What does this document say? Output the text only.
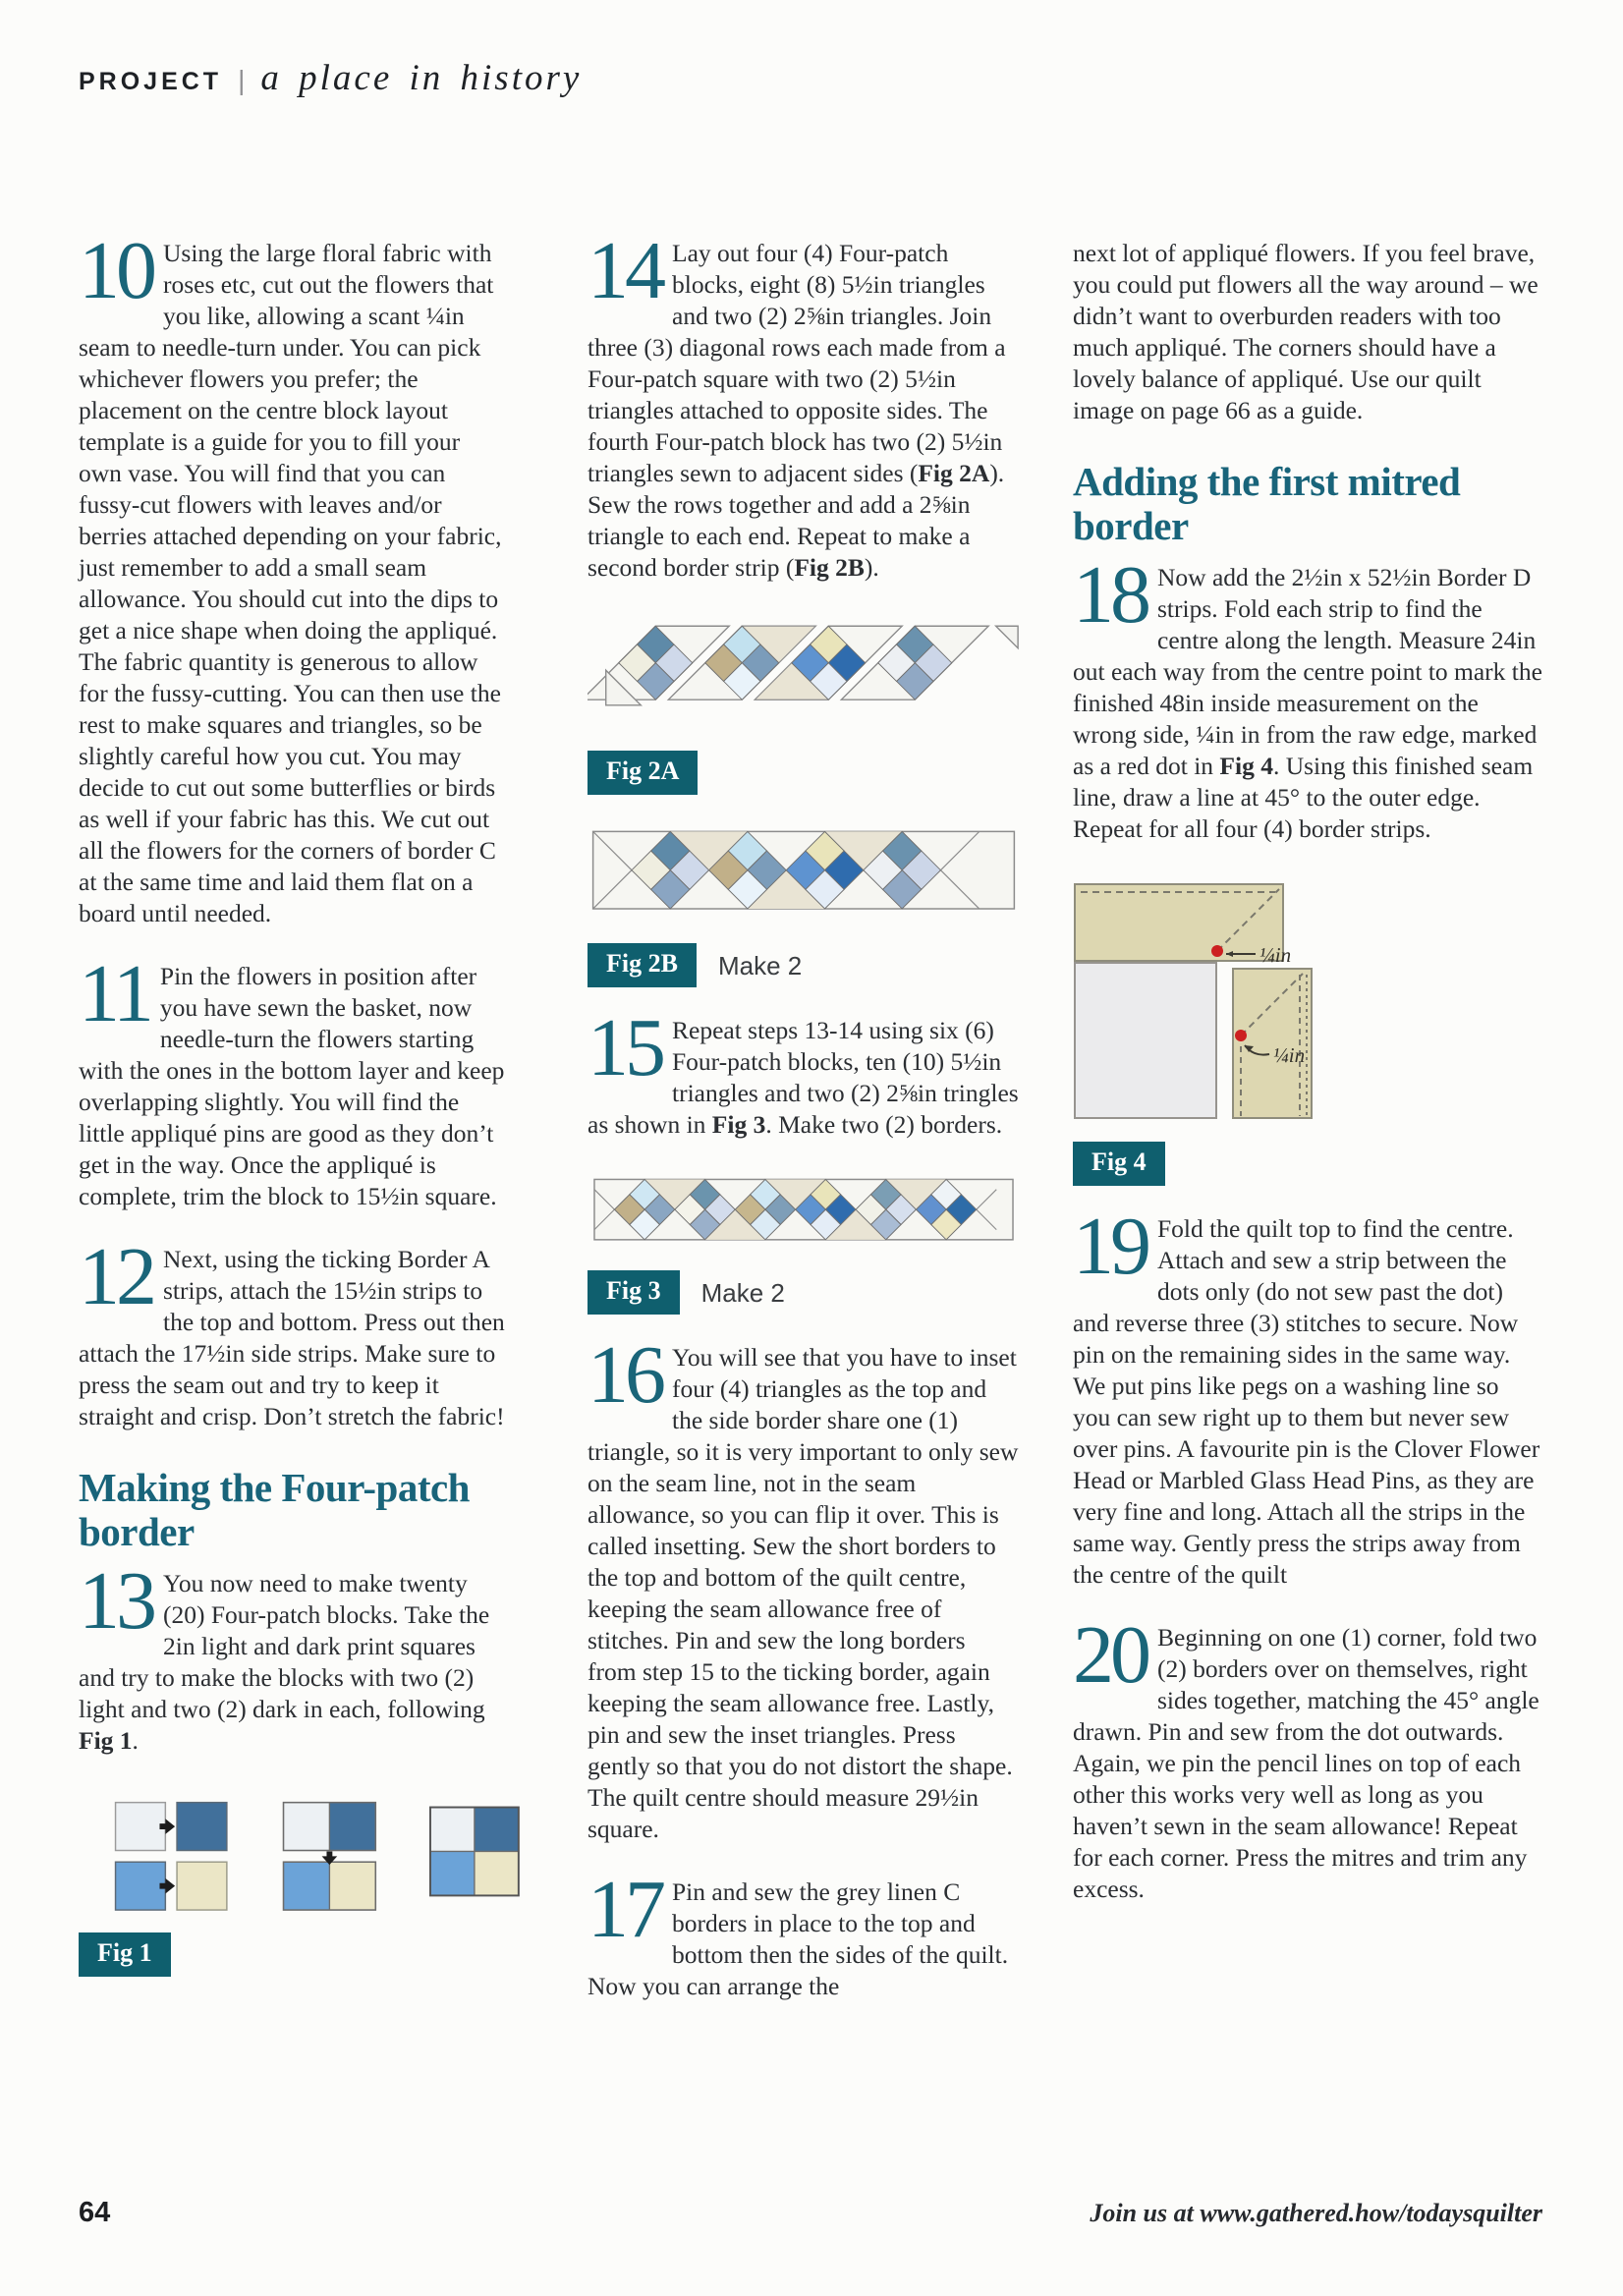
PROJECT | a place in history

10 Using the large floral fabric with roses etc, cut out the flowers that you like, allowing a scant ¼in seam to needle-turn under. You can pick whichever flowers you prefer; the placement on the centre block layout template is a guide for you to fill your own vase. You will find that you can fussy-cut flowers with leaves and/or berries attached depending on your fabric, just remember to add a small seam allowance. You should cut into the dips to get a nice shape when doing the appliqué. The fabric quantity is generous to allow for the fussy-cutting. You can then use the rest to make squares and triangles, so be slightly careful how you cut. You may decide to cut out some butterflies or birds as well if your fabric has this. We cut out all the flowers for the corners of border C at the same time and laid them flat on a board until needed.

11 Pin the flowers in position after you have sewn the basket, now needle-turn the flowers starting with the ones in the bottom layer and keep overlapping slightly. You will find the little appliqué pins are good as they don’t get in the way. Once the appliqué is complete, trim the block to 15½in square.

12 Next, using the ticking Border A strips, attach the 15½in strips to the top and bottom. Press out then attach the 17½in side strips. Make sure to press the seam out and try to keep it straight and crisp. Don’t stretch the fabric!

Making the Four-patch border

13 You now need to make twenty (20) Four-patch blocks. Take the 2in light and dark print squares and try to make the blocks with two (2) light and two (2) dark in each, following Fig 1.

Fig 1

14 Lay out four (4) Four-patch blocks, eight (8) 5½in triangles and two (2) 2⅝in triangles. Join three (3) diagonal rows each made from a Four-patch square with two (2) 5½in triangles attached to opposite sides. The fourth Four-patch block has two (2) 5½in triangles sewn to adjacent sides (Fig 2A). Sew the rows together and add a 2⅝in triangle to each end. Repeat to make a second border strip (Fig 2B).

Fig 2A
Fig 2B	Make 2

15 Repeat steps 13-14 using six (6) Four-patch blocks, ten (10) 5½in triangles and two (2) 2⅝in tringles as shown in Fig 3. Make two (2) borders.

Fig 3	Make 2

16 You will see that you have to inset four (4) triangles as the top and the side border share one (1) triangle, so it is very important to only sew on the seam line, not in the seam allowance, so you can flip it over. This is called insetting. Sew the short borders to the top and bottom of the quilt centre, keeping the seam allowance free of stitches. Pin and sew the long borders from step 15 to the ticking border, again keeping the seam allowance free. Lastly, pin and sew the inset triangles. Press gently so that you do not distort the shape. The quilt centre should measure 29½in square.

17 Pin and sew the grey linen C borders in place to the top and bottom then the sides of the quilt. Now you can arrange the

next lot of appliqué flowers. If you feel brave, you could put flowers all the way around – we didn’t want to overburden readers with too much appliqué. The corners should have a lovely balance of appliqué. Use our quilt image on page 66 as a guide.

Adding the first mitred border

18 Now add the 2½in x 52½in Border D strips. Fold each strip to find the centre along the length. Measure 24in out each way from the centre point to mark the finished 48in inside measurement on the wrong side, ¼in in from the raw edge, marked as a red dot in Fig 4. Using this finished seam line, draw a line at 45° to the outer edge. Repeat for all four (4) border strips.

¼in
¼in
Fig 4

19 Fold the quilt top to find the centre. Attach and sew a strip between the dots only (do not sew past the dot) and reverse three (3) stitches to secure. Now pin on the remaining sides in the same way. We put pins like pegs on a washing line so you can sew right up to them but never sew over pins. A favourite pin is the Clover Flower Head or Marbled Glass Head Pins, as they are very fine and long. Attach all the strips in the same way. Gently press the strips away from the centre of the quilt

20 Beginning on one (1) corner, fold two (2) borders over on themselves, right sides together, matching the 45° angle drawn. Pin and sew from the dot outwards. Again, we pin the pencil lines on top of each other this works very well as long as you haven’t sewn in the seam allowance! Repeat for each corner. Press the mitres and trim any excess.

64	Join us at www.gathered.how/todaysquilter
